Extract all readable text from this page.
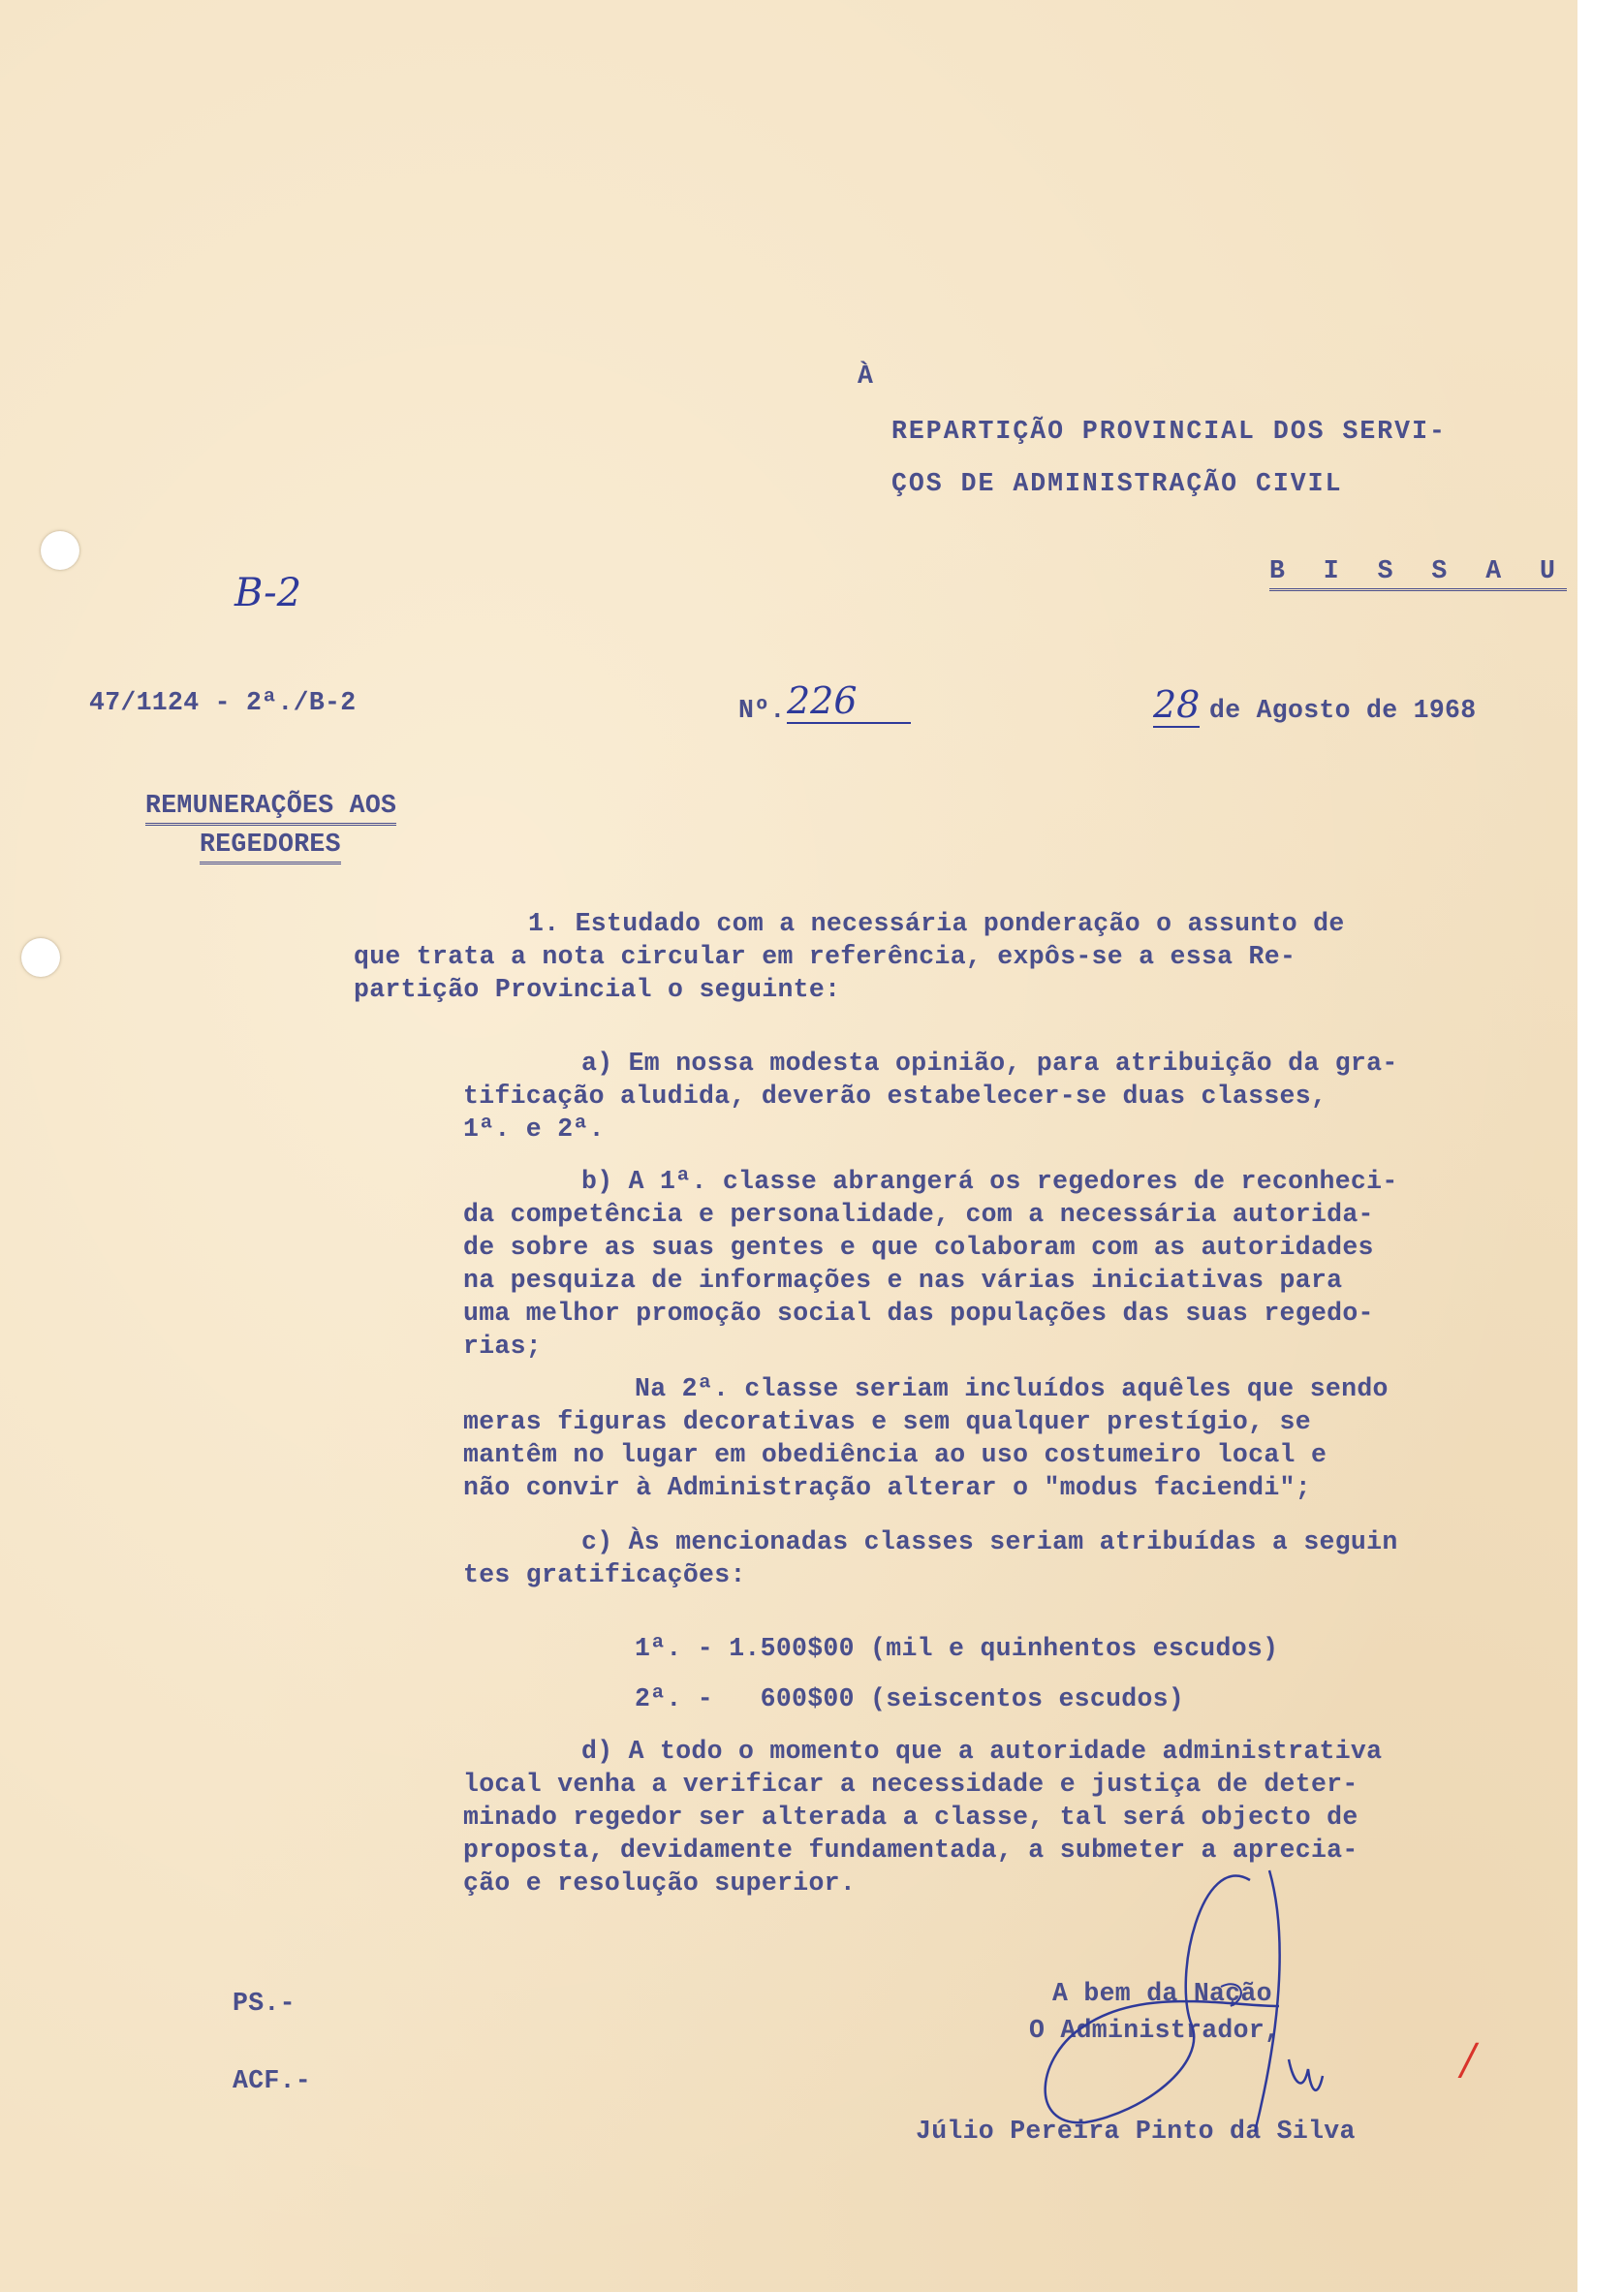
À
REPARTIÇÃO PROVINCIAL DOS SERVI-
ÇOS DE ADMINISTRAÇÃO CIVIL
B I S S A U
B-2
47/1124 - 2ª./B-2	Nº. 226	28 de Agosto de 1968
REMUNERAÇÕES AOS
REGEDORES
1. Estudado com a necessária ponderação o assunto de
que trata a nota circular em referência, expôs-se a essa Re-
partição Provincial o seguinte:
a) Em nossa modesta opinião, para atribuição da gra-
tificação aludida, deverão estabelecer-se duas classes,
1ª. e 2ª.
b) A 1ª. classe abrangerá os regedores de reconheci-
da competência e personalidade, com a necessária autorida-
de sobre as suas gentes e que colaboram com as autoridades
na pesquiza de informações e nas várias iniciativas para
uma melhor promoção social das populações das suas regedo-
rias;
Na 2ª. classe seriam incluídos aquêles que sendo
meras figuras decorativas e sem qualquer prestígio, se
mantêm no lugar em obediência ao uso costumeiro local e
não convir à Administração alterar o "modus faciendi";
c) Às mencionadas classes seriam atribuídas a seguin
tes gratificações:
1ª. - 1.500$00 (mil e quinhentos escudos)
2ª. -   600$00 (seiscentos escudos)
d) A todo o momento que a autoridade administrativa
local venha a verificar a necessidade e justiça de deter-
minado regedor ser alterada a classe, tal será objecto de
proposta, devidamente fundamentada, a submeter a aprecia-
ção e resolução superior.
A bem da Nação
O Administrador,
Júlio Pereira Pinto da Silva
PS.-
ACF.-	/
